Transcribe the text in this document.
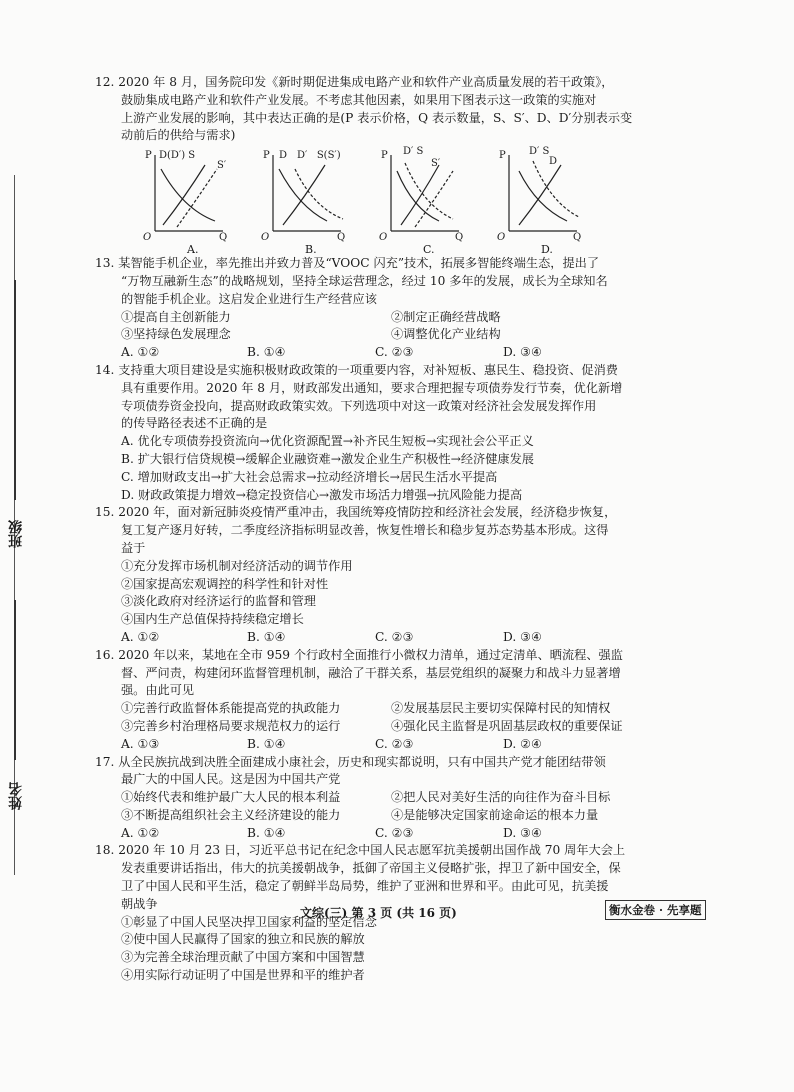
班级
姓名

12. 2020 年 8 月，国务院印发《新时期促进集成电路产业和软件产业高质量发展的若干政策》，

鼓励集成电路产业和软件产业发展。不考虑其他因素，如果用下图表示这一政策的实施对

上游产业发展的影响，其中表达正确的是(P 表示价格，Q 表示数量，S、S′、D、D′分别表示变

动前后的供给与需求)

P D(D′) S
S′
O	Q
A.
P D D′   S(S′)
O	Q
B.
P D′ S
S′
O	Q
C.
P D′ S
D
O	Q
D.

13. 某智能手机企业，率先推出并致力普及“VOOC 闪充”技术，拓展多智能终端生态，提出了

“万物互融新生态”的战略规划，坚持全球运营理念，经过 10 多年的发展，成长为全球知名

的智能手机企业。这启发企业进行生产经营应该

①提高自主创新能力	②制定正确经营战略
③坚持绿色发展理念	④调整优化产业结构
A. ①②	B. ①④	C. ②③	D. ③④

14. 支持重大项目建设是实施积极财政政策的一项重要内容，对补短板、惠民生、稳投资、促消费

具有重要作用。2020 年 8 月，财政部发出通知，要求合理把握专项债券发行节奏，优化新增

专项债券资金投向，提高财政政策实效。下列选项中对这一政策对经济社会发展发挥作用

的传导路径表述不正确的是

A. 优化专项债券投资流向→优化资源配置→补齐民生短板→实现社会公平正义

B. 扩大银行信贷规模→缓解企业融资难→激发企业生产积极性→经济健康发展

C. 增加财政支出→扩大社会总需求→拉动经济增长→居民生活水平提高

D. 财政政策提力增效→稳定投资信心→激发市场活力增强→抗风险能力提高

15. 2020 年，面对新冠肺炎疫情严重冲击，我国统筹疫情防控和经济社会发展，经济稳步恢复，

复工复产逐月好转，二季度经济指标明显改善，恢复性增长和稳步复苏态势基本形成。这得

益于

①充分发挥市场机制对经济活动的调节作用

②国家提高宏观调控的科学性和针对性

③淡化政府对经济运行的监督和管理

④国内生产总值保持持续稳定增长

A. ①②	B. ①④	C. ②③	D. ③④

16. 2020 年以来，某地在全市 959 个行政村全面推行小微权力清单，通过定清单、晒流程、强监

督、严问责，构建闭环监督管理机制，融洽了干群关系，基层党组织的凝聚力和战斗力显著增

强。由此可见

①完善行政监督体系能提高党的执政能力	②发展基层民主要切实保障村民的知情权
③完善乡村治理格局要求规范权力的运行	④强化民主监督是巩固基层政权的重要保证
A. ①③	B. ①④	C. ②③	D. ②④

17. 从全民族抗战到决胜全面建成小康社会，历史和现实都说明，只有中国共产党才能团结带领

最广大的中国人民。这是因为中国共产党

①始终代表和维护最广大人民的根本利益	②把人民对美好生活的向往作为奋斗目标
③不断提高组织社会主义经济建设的能力	④是能够决定国家前途命运的根本力量
A. ①②	B. ①④	C. ②③	D. ③④

18. 2020 年 10 月 23 日，习近平总书记在纪念中国人民志愿军抗美援朝出国作战 70 周年大会上

发表重要讲话指出，伟大的抗美援朝战争，抵御了帝国主义侵略扩张，捍卫了新中国安全，保

卫了中国人民和平生活，稳定了朝鲜半岛局势，维护了亚洲和世界和平。由此可见，抗美援

朝战争

①彰显了中国人民坚决捍卫国家利益的坚定信念

②使中国人民赢得了国家的独立和民族的解放

③为完善全球治理贡献了中国方案和中国智慧

④用实际行动证明了中国是世界和平的维护者

文综(三) 第 3 页 (共 16 页)	衡水金卷 · 先享题
